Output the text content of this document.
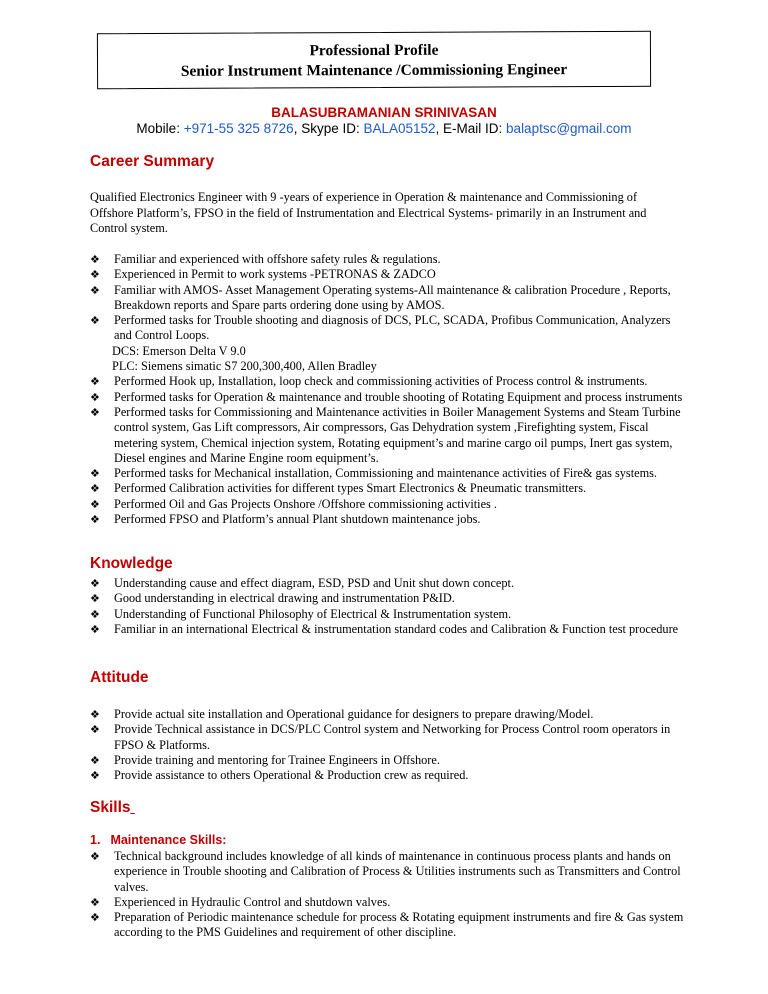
Professional Profile
Senior Instrument Maintenance /Commissioning Engineer
BALASUBRAMANIAN SRINIVASAN
Mobile: +971-55 325 8726, Skype ID: BALA05152, E-Mail ID: balaptsc@gmail.com
Career Summary
Qualified Electronics Engineer with 9 -years of experience in Operation & maintenance and Commissioning of Offshore Platform’s, FPSO in the field of Instrumentation and Electrical Systems- primarily in an Instrument and Control system.
❖ Familiar and experienced with offshore safety rules & regulations.
❖ Experienced in Permit to work systems -PETRONAS & ZADCO
❖ Familiar with AMOS- Asset Management Operating systems-All maintenance & calibration Procedure , Reports, Breakdown reports and Spare parts ordering done using by AMOS.
❖ Performed tasks for Trouble shooting and diagnosis of DCS, PLC, SCADA, Profibus Communication, Analyzers and Control Loops.
DCS: Emerson Delta V 9.0
PLC: Siemens simatic S7 200,300,400, Allen Bradley
❖ Performed Hook up, Installation, loop check and commissioning activities of Process control & instruments.
❖ Performed tasks for Operation & maintenance and trouble shooting of Rotating Equipment and process instruments
❖ Performed tasks for Commissioning and Maintenance activities in Boiler Management Systems and Steam Turbine control system, Gas Lift compressors, Air compressors, Gas Dehydration system ,Firefighting system, Fiscal metering system, Chemical injection system, Rotating equipment’s and marine cargo oil pumps, Inert gas system, Diesel engines and Marine Engine room equipment’s.
❖ Performed tasks for Mechanical installation, Commissioning and maintenance activities of Fire& gas systems.
❖ Performed Calibration activities for different types Smart Electronics & Pneumatic transmitters.
❖ Performed Oil and Gas Projects Onshore /Offshore commissioning activities .
❖ Performed FPSO and Platform’s annual Plant shutdown maintenance jobs.
Knowledge
❖ Understanding cause and effect diagram, ESD, PSD and Unit shut down concept.
❖ Good understanding in electrical drawing and instrumentation P&ID.
❖ Understanding of Functional Philosophy of Electrical & Instrumentation system.
❖ Familiar in an international Electrical & instrumentation standard codes and Calibration & Function test procedure
Attitude
❖ Provide actual site installation and Operational guidance for designers to prepare drawing/Model.
❖ Provide Technical assistance in DCS/PLC Control system and Networking for Process Control room operators in FPSO & Platforms.
❖ Provide training and mentoring for Trainee Engineers in Offshore.
❖ Provide assistance to others Operational & Production crew as required.
Skills
1. Maintenance Skills:
❖ Technical background includes knowledge of all kinds of maintenance in continuous process plants and hands on experience in Trouble shooting and Calibration of Process & Utilities instruments such as Transmitters and Control valves.
❖ Experienced in Hydraulic Control and shutdown valves.
❖ Preparation of Periodic maintenance schedule for process & Rotating equipment instruments and fire & Gas system according to the PMS Guidelines and requirement of other discipline.
